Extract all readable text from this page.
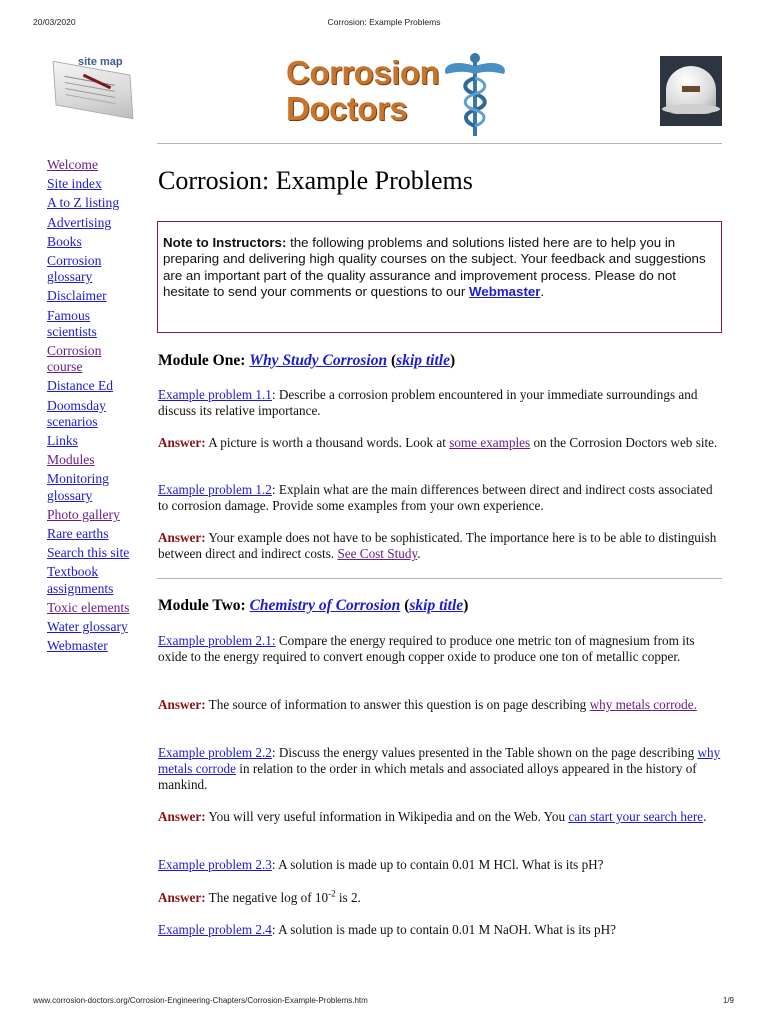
20/03/2020	Corrosion: Example Problems
site map	Corrosion
Doctors
Welcome
Site index
A to Z listing
Advertising
Books
Corrosion glossary
Disclaimer
Famous scientists
Corrosion course
Distance Ed
Doomsday scenarios
Links
Modules
Monitoring glossary
Photo gallery
Rare earths
Search this site
Textbook assignments
Toxic elements
Water glossary
Webmaster
Corrosion: Example Problems
Note to Instructors: the following problems and solutions listed here are to help you in preparing and delivering high quality courses on the subject. Your feedback and suggestions are an important part of the quality assurance and improvement process. Please do not hesitate to send your comments or questions to our Webmaster.
Module One: Why Study Corrosion (skip title)

Example problem 1.1: Describe a corrosion problem encountered in your immediate surroundings and discuss its relative importance.

Answer: A picture is worth a thousand words. Look at some examples on the Corrosion Doctors web site.

Example problem 1.2: Explain what are the main differences between direct and indirect costs associated to corrosion damage. Provide some examples from your own experience.

Answer: Your example does not have to be sophisticated. The importance here is to be able to distinguish between direct and indirect costs. See Cost Study.

Module Two: Chemistry of Corrosion (skip title)

Example problem 2.1: Compare the energy required to produce one metric ton of magnesium from its oxide to the energy required to convert enough copper oxide to produce one ton of metallic copper.

Answer: The source of information to answer this question is on page describing why metals corrode.

Example problem 2.2: Discuss the energy values presented in the Table shown on the page describing why metals corrode in relation to the order in which metals and associated alloys appeared in the history of mankind.

Answer: You will very useful information in Wikipedia and on the Web. You can start your search here.

Example problem 2.3: A solution is made up to contain 0.01 M HCl. What is its pH?

Answer: The negative log of $10^{-2}$ is 2.

Example problem 2.4: A solution is made up to contain 0.01 M NaOH. What is its pH?

www.corrosion-doctors.org/Corrosion-Engineering-Chapters/Corrosion-Example-Problems.htm	1/9
